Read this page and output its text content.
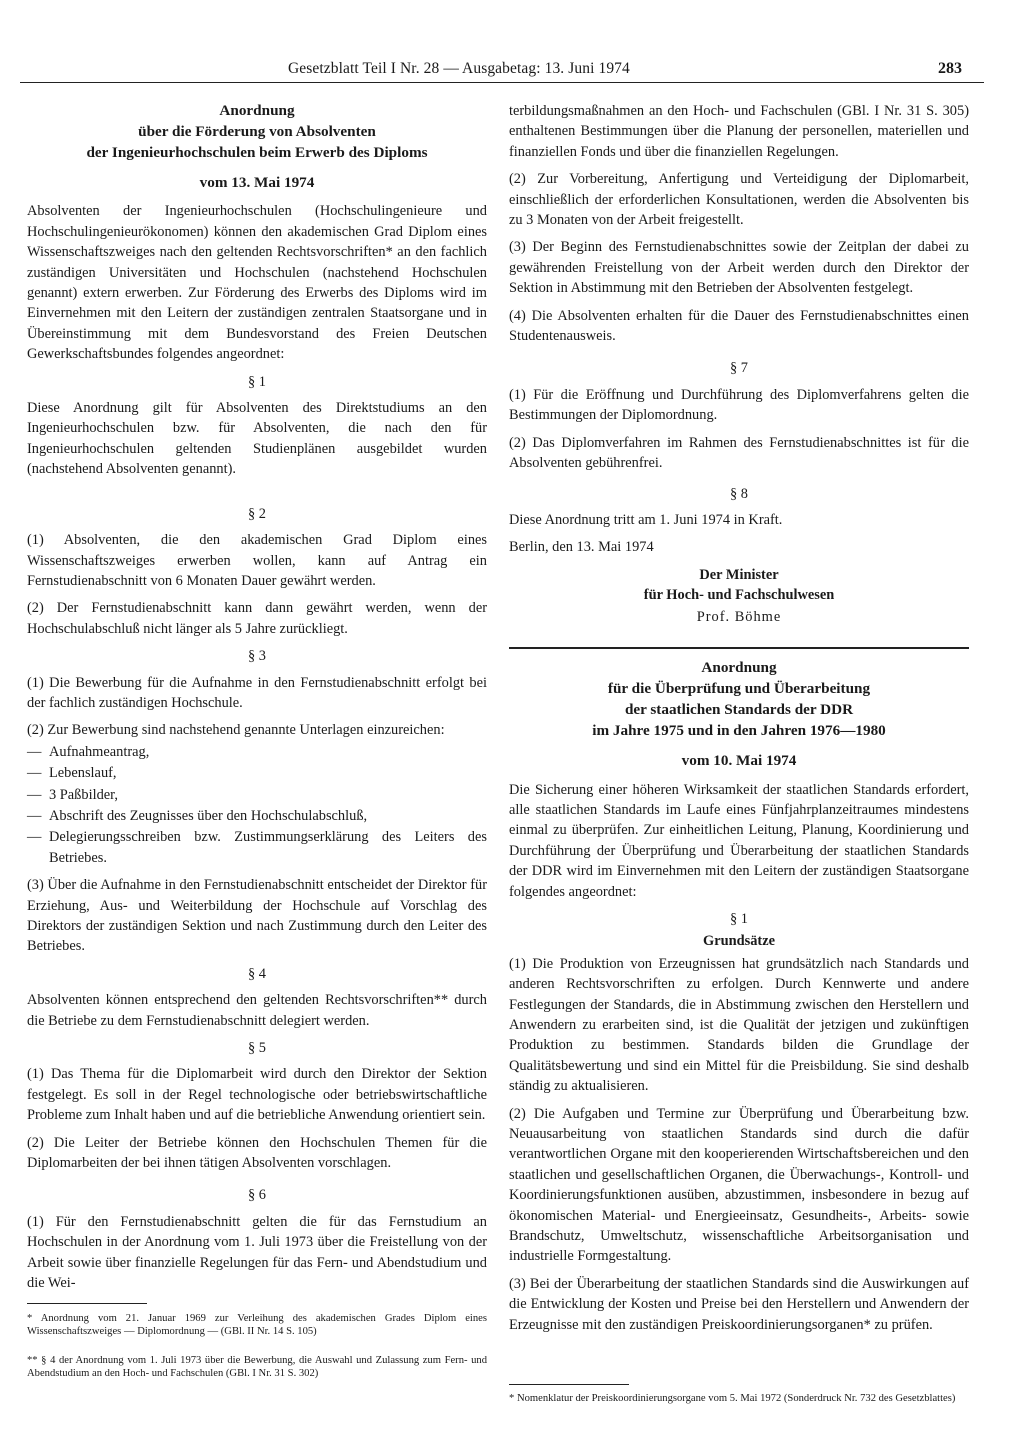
Gesetzblatt Teil I Nr. 28 — Ausgabetag: 13. Juni 1974	283
Anordnung
über die Förderung von Absolventen
der Ingenieurhochschulen beim Erwerb des Diploms
vom 13. Mai 1974

Absolventen der Ingenieurhochschulen (Hochschulingenieure und Hochschulingenieurökonomen) können den akademischen Grad Diplom eines Wissenschaftszweiges nach den geltenden Rechtsvorschriften* an den fachlich zuständigen Universitäten und Hochschulen (nachstehend Hochschulen genannt) extern erwerben. Zur Förderung des Erwerbs des Diploms wird im Einvernehmen mit den Leitern der zuständigen zentralen Staatsorgane und in Übereinstimmung mit dem Bundesvorstand des Freien Deutschen Gewerkschaftsbundes folgendes angeordnet:

§ 1

Diese Anordnung gilt für Absolventen des Direktstudiums an den Ingenieurhochschulen bzw. für Absolventen, die nach den für Ingenieurhochschulen geltenden Studienplänen ausgebildet wurden (nachstehend Absolventen genannt).

§ 2

(1) Absolventen, die den akademischen Grad Diplom eines Wissenschaftszweiges erwerben wollen, kann auf Antrag ein Fernstudienabschnitt von 6 Monaten Dauer gewährt werden.

(2) Der Fernstudienabschnitt kann dann gewährt werden, wenn der Hochschulabschluß nicht länger als 5 Jahre zurückliegt.

§ 3

(1) Die Bewerbung für die Aufnahme in den Fernstudienabschnitt erfolgt bei der fachlich zuständigen Hochschule.

(2) Zur Bewerbung sind nachstehend genannte Unterlagen einzureichen:

— Aufnahmeantrag,
— Lebenslauf,
— 3 Paßbilder,
— Abschrift des Zeugnisses über den Hochschulabschluß,
— Delegierungsschreiben bzw. Zustimmungserklärung des Leiters des Betriebes.

(3) Über die Aufnahme in den Fernstudienabschnitt entscheidet der Direktor für Erziehung, Aus- und Weiterbildung der Hochschule auf Vorschlag des Direktors der zuständigen Sektion und nach Zustimmung durch den Leiter des Betriebes.

§ 4

Absolventen können entsprechend den geltenden Rechtsvorschriften** durch die Betriebe zu dem Fernstudienabschnitt delegiert werden.

§ 5

(1) Das Thema für die Diplomarbeit wird durch den Direktor der Sektion festgelegt. Es soll in der Regel technologische oder betriebswirtschaftliche Probleme zum Inhalt haben und auf die betriebliche Anwendung orientiert sein.

(2) Die Leiter der Betriebe können den Hochschulen Themen für die Diplomarbeiten der bei ihnen tätigen Absolventen vorschlagen.

§ 6

(1) Für den Fernstudienabschnitt gelten die für das Fernstudium an Hochschulen in der Anordnung vom 1. Juli 1973 über die Freistellung von der Arbeit sowie über finanzielle Regelungen für das Fern- und Abendstudium und die Wei-

* Anordnung vom 21. Januar 1969 zur Verleihung des akademischen Grades Diplom eines Wissenschaftszweiges — Diplomordnung — (GBl. II Nr. 14 S. 105)
** § 4 der Anordnung vom 1. Juli 1973 über die Bewerbung, die Auswahl und Zulassung zum Fern- und Abendstudium an den Hoch- und Fachschulen (GBl. I Nr. 31 S. 302)

terbildungsmaßnahmen an den Hoch- und Fachschulen (GBl. I Nr. 31 S. 305) enthaltenen Bestimmungen über die Planung der personellen, materiellen und finanziellen Fonds und über die finanziellen Regelungen.

(2) Zur Vorbereitung, Anfertigung und Verteidigung der Diplomarbeit, einschließlich der erforderlichen Konsultationen, werden die Absolventen bis zu 3 Monaten von der Arbeit freigestellt.

(3) Der Beginn des Fernstudienabschnittes sowie der Zeitplan der dabei zu gewährenden Freistellung von der Arbeit werden durch den Direktor der Sektion in Abstimmung mit den Betrieben der Absolventen festgelegt.

(4) Die Absolventen erhalten für die Dauer des Fernstudienabschnittes einen Studentenausweis.

§ 7

(1) Für die Eröffnung und Durchführung des Diplomverfahrens gelten die Bestimmungen der Diplomordnung.

(2) Das Diplomverfahren im Rahmen des Fernstudienabschnittes ist für die Absolventen gebührenfrei.

§ 8

Diese Anordnung tritt am 1. Juni 1974 in Kraft.

Berlin, den 13. Mai 1974

Der Minister
für Hoch- und Fachschulwesen
Prof. Böhme
Anordnung
für die Überprüfung und Überarbeitung
der staatlichen Standards der DDR
im Jahre 1975 und in den Jahren 1976—1980
vom 10. Mai 1974

Die Sicherung einer höheren Wirksamkeit der staatlichen Standards erfordert, alle staatlichen Standards im Laufe eines Fünfjahrplanzeitraumes mindestens einmal zu überprüfen. Zur einheitlichen Leitung, Planung, Koordinierung und Durchführung der Überprüfung und Überarbeitung der staatlichen Standards der DDR wird im Einvernehmen mit den Leitern der zuständigen Staatsorgane folgendes angeordnet:

§ 1
Grundsätze

(1) Die Produktion von Erzeugnissen hat grundsätzlich nach Standards und anderen Rechtsvorschriften zu erfolgen. Durch Kennwerte und andere Festlegungen der Standards, die in Abstimmung zwischen den Herstellern und Anwendern zu erarbeiten sind, ist die Qualität der jetzigen und zukünftigen Produktion zu bestimmen. Standards bilden die Grundlage der Qualitätsbewertung und sind ein Mittel für die Preisbildung. Sie sind deshalb ständig zu aktualisieren.

(2) Die Aufgaben und Termine zur Überprüfung und Überarbeitung bzw. Neuausarbeitung von staatlichen Standards sind durch die dafür verantwortlichen Organe mit den kooperierenden Wirtschaftsbereichen und den staatlichen und gesellschaftlichen Organen, die Überwachungs-, Kontroll- und Koordinierungsfunktionen ausüben, abzustimmen, insbesondere in bezug auf ökonomischen Material- und Energieeinsatz, Gesundheits-, Arbeits- sowie Brandschutz, Umweltschutz, wissenschaftliche Arbeitsorganisation und industrielle Formgestaltung.

(3) Bei der Überarbeitung der staatlichen Standards sind die Auswirkungen auf die Entwicklung der Kosten und Preise bei den Herstellern und Anwendern der Erzeugnisse mit den zuständigen Preiskoordinierungsorganen* zu prüfen.

* Nomenklatur der Preiskoordinierungsorgane vom 5. Mai 1972 (Sonderdruck Nr. 732 des Gesetzblattes)
